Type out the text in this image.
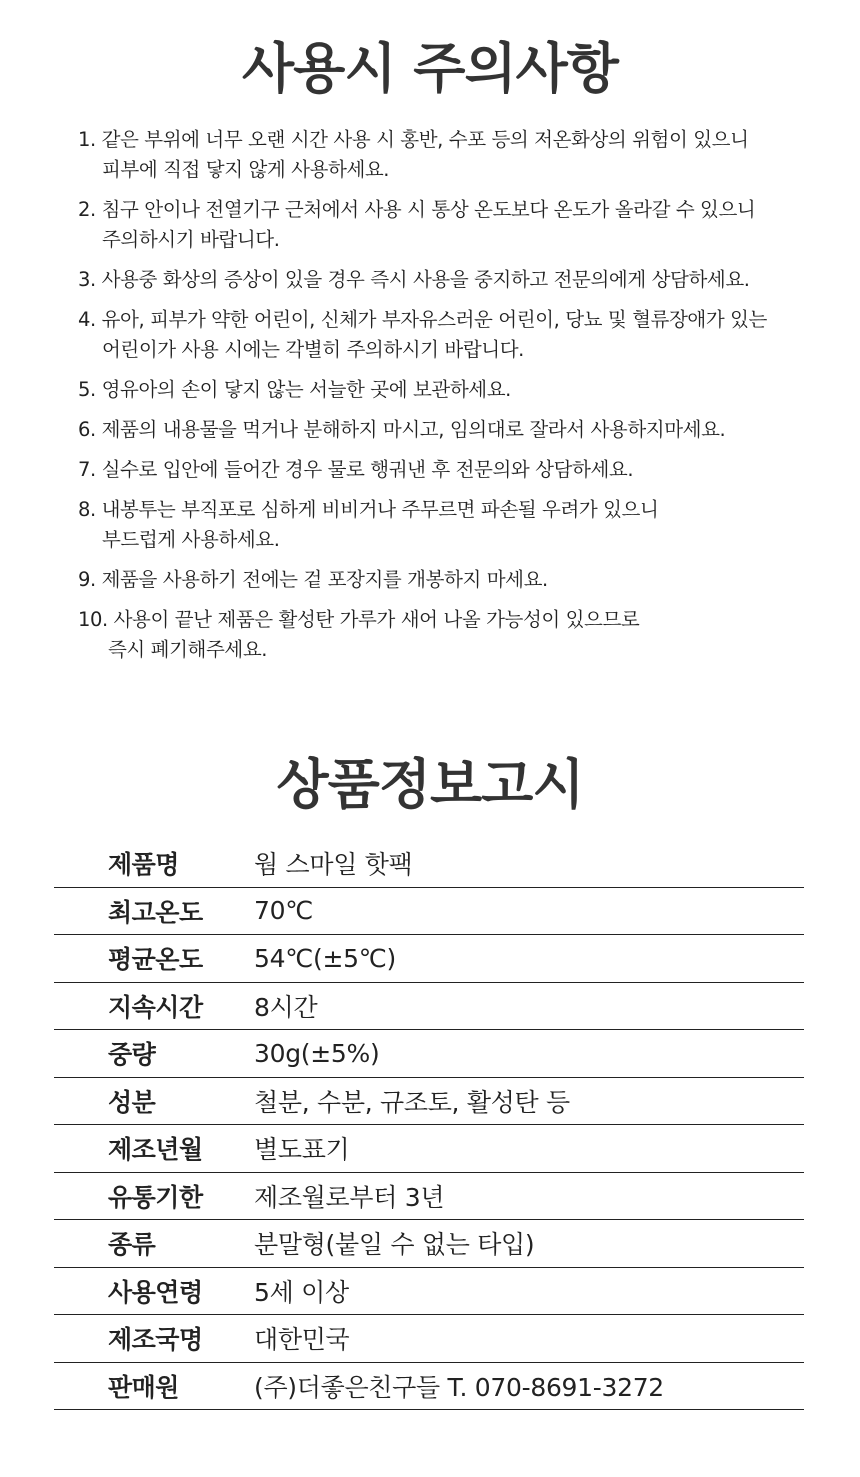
사용시 주의사항
1. 같은 부위에 너무 오랜 시간 사용 시 홍반, 수포 등의 저온화상의 위험이 있으니
피부에 직접 닿지 않게 사용하세요.
2. 침구 안이나 전열기구 근처에서 사용 시 통상 온도보다 온도가 올라갈 수 있으니
주의하시기 바랍니다.
3. 사용중 화상의 증상이 있을 경우 즉시 사용을 중지하고 전문의에게 상담하세요.
4. 유아, 피부가 약한 어린이, 신체가 부자유스러운 어린이, 당뇨 및 혈류장애가 있는
어린이가 사용 시에는 각별히 주의하시기 바랍니다.
5. 영유아의 손이 닿지 않는 서늘한 곳에 보관하세요.
6. 제품의 내용물을 먹거나 분해하지 마시고, 임의대로 잘라서 사용하지마세요.
7. 실수로 입안에 들어간 경우 물로 행궈낸 후 전문의와 상담하세요.
8. 내봉투는 부직포로 심하게 비비거나 주무르면 파손될 우려가 있으니
부드럽게 사용하세요.
9. 제품을 사용하기 전에는 겉 포장지를 개봉하지 마세요.
10. 사용이 끝난 제품은 활성탄 가루가 새어 나올 가능성이 있으므로
즉시 폐기해주세요.
상품정보고시
제품명	웜 스마일 핫팩
최고온도	70℃
평균온도	54℃(±5℃)
지속시간	8시간
중량	30g(±5%)
성분	철분, 수분, 규조토, 활성탄 등
제조년월	별도표기
유통기한	제조월로부터 3년
종류	분말형(붙일 수 없는 타입)
사용연령	5세 이상
제조국명	대한민국
판매원	(주)더좋은친구들 T. 070-8691-3272
